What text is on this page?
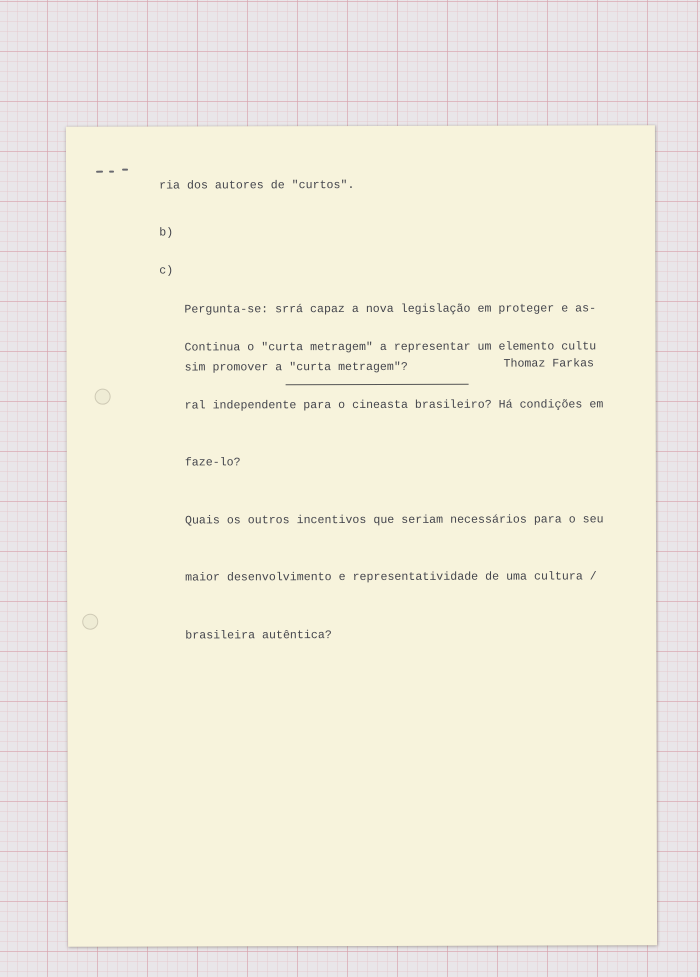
ria dos autores de "curtos".

b)

Pergunta-se: srrá capaz a nova legislação em proteger e as-

sim promover a "curta metragem"?

c)

Continua o "curta metragem" a representar um elemento cultu

ral independente para o cineasta brasileiro? Há condições em

faze-lo?

Quais os outros incentivos que seriam necessários para o seu

maior desenvolvimento e representatividade de uma cultura /

brasileira autêntica?

Thomaz Farkas
